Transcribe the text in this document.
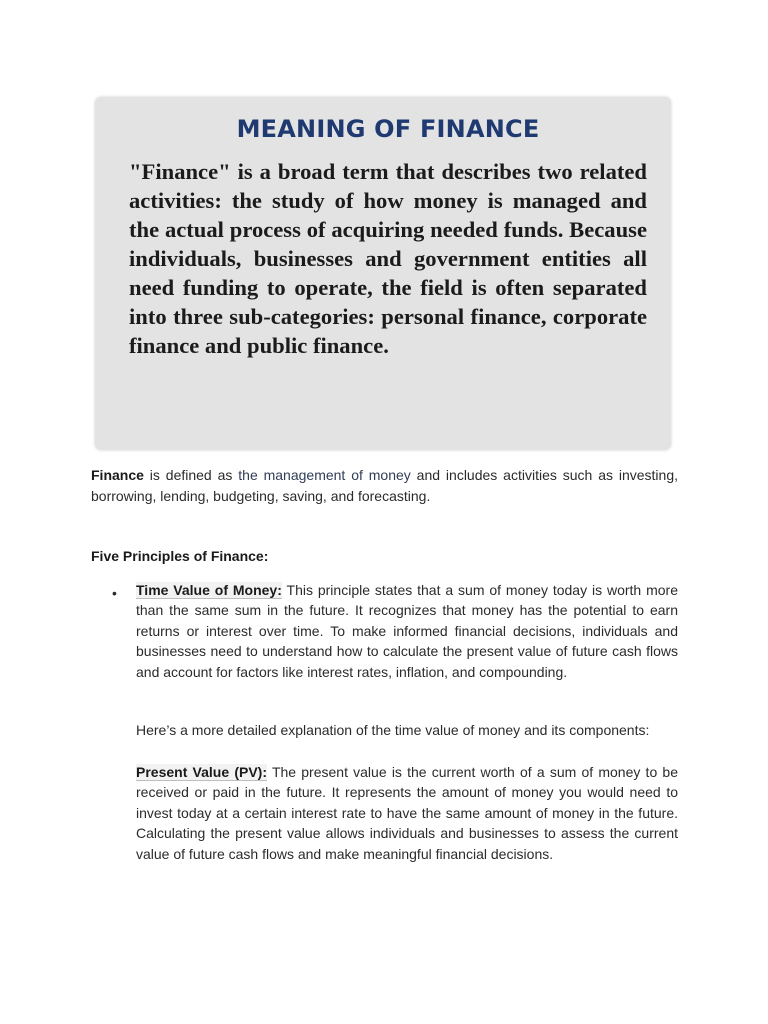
MEANING OF FINANCE

"Finance" is a broad term that describes two related activities: the study of how money is managed and the actual process of acquiring needed funds. Because individuals, businesses and government entities all need funding to operate, the field is often separated into three sub-categories: personal finance, corporate finance and public finance.

Finance is defined as the management of money and includes activities such as investing, borrowing, lending, budgeting, saving, and forecasting.

Five Principles of Finance:

• Time Value of Money: This principle states that a sum of money today is worth more than the same sum in the future. It recognizes that money has the potential to earn returns or interest over time. To make informed financial decisions, individuals and businesses need to understand how to calculate the present value of future cash flows and account for factors like interest rates, inflation, and compounding.

Here’s a more detailed explanation of the time value of money and its components:

Present Value (PV): The present value is the current worth of a sum of money to be received or paid in the future. It represents the amount of money you would need to invest today at a certain interest rate to have the same amount of money in the future. Calculating the present value allows individuals and businesses to assess the current value of future cash flows and make meaningful financial decisions.
